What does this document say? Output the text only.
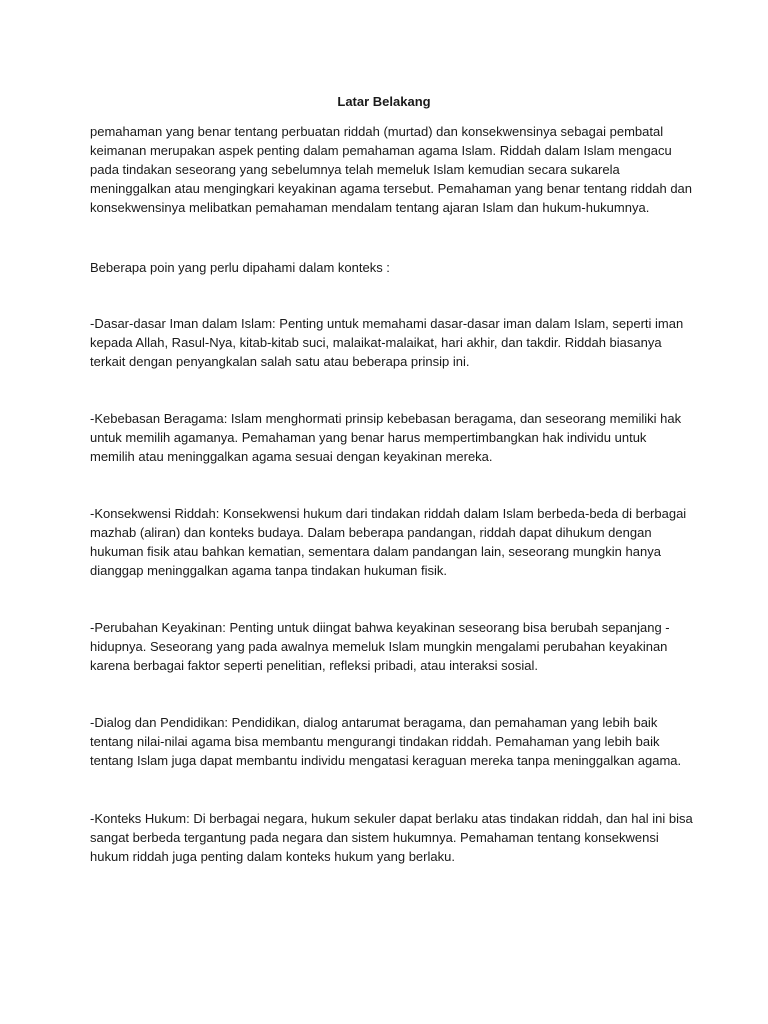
Latar Belakang
pemahaman yang benar tentang perbuatan riddah (murtad) dan konsekwensinya sebagai pembatal
keimanan merupakan aspek penting dalam pemahaman agama Islam. Riddah dalam Islam mengacu
pada tindakan seseorang yang sebelumnya telah memeluk Islam kemudian secara sukarela
meninggalkan atau mengingkari keyakinan agama tersebut. Pemahaman yang benar tentang riddah dan
konsekwensinya melibatkan pemahaman mendalam tentang ajaran Islam dan hukum-hukumnya.
Beberapa poin yang perlu dipahami dalam konteks :
-Dasar-dasar Iman dalam Islam: Penting untuk memahami dasar-dasar iman dalam Islam, seperti iman
kepada Allah, Rasul-Nya, kitab-kitab suci, malaikat-malaikat, hari akhir, dan takdir. Riddah biasanya
terkait dengan penyangkalan salah satu atau beberapa prinsip ini.
-Kebebasan Beragama: Islam menghormati prinsip kebebasan beragama, dan seseorang memiliki hak
untuk memilih agamanya. Pemahaman yang benar harus mempertimbangkan hak individu untuk
memilih atau meninggalkan agama sesuai dengan keyakinan mereka.
-Konsekwensi Riddah: Konsekwensi hukum dari tindakan riddah dalam Islam berbeda-beda di berbagai
mazhab (aliran) dan konteks budaya. Dalam beberapa pandangan, riddah dapat dihukum dengan
hukuman fisik atau bahkan kematian, sementara dalam pandangan lain, seseorang mungkin hanya
dianggap meninggalkan agama tanpa tindakan hukuman fisik.
-Perubahan Keyakinan: Penting untuk diingat bahwa keyakinan seseorang bisa berubah sepanjang -
hidupnya. Seseorang yang pada awalnya memeluk Islam mungkin mengalami perubahan keyakinan
karena berbagai faktor seperti penelitian, refleksi pribadi, atau interaksi sosial.
-Dialog dan Pendidikan: Pendidikan, dialog antarumat beragama, dan pemahaman yang lebih baik
tentang nilai-nilai agama bisa membantu mengurangi tindakan riddah. Pemahaman yang lebih baik
tentang Islam juga dapat membantu individu mengatasi keraguan mereka tanpa meninggalkan agama.
-Konteks Hukum: Di berbagai negara, hukum sekuler dapat berlaku atas tindakan riddah, dan hal ini bisa
sangat berbeda tergantung pada negara dan sistem hukumnya. Pemahaman tentang konsekwensi
hukum riddah juga penting dalam konteks hukum yang berlaku.
